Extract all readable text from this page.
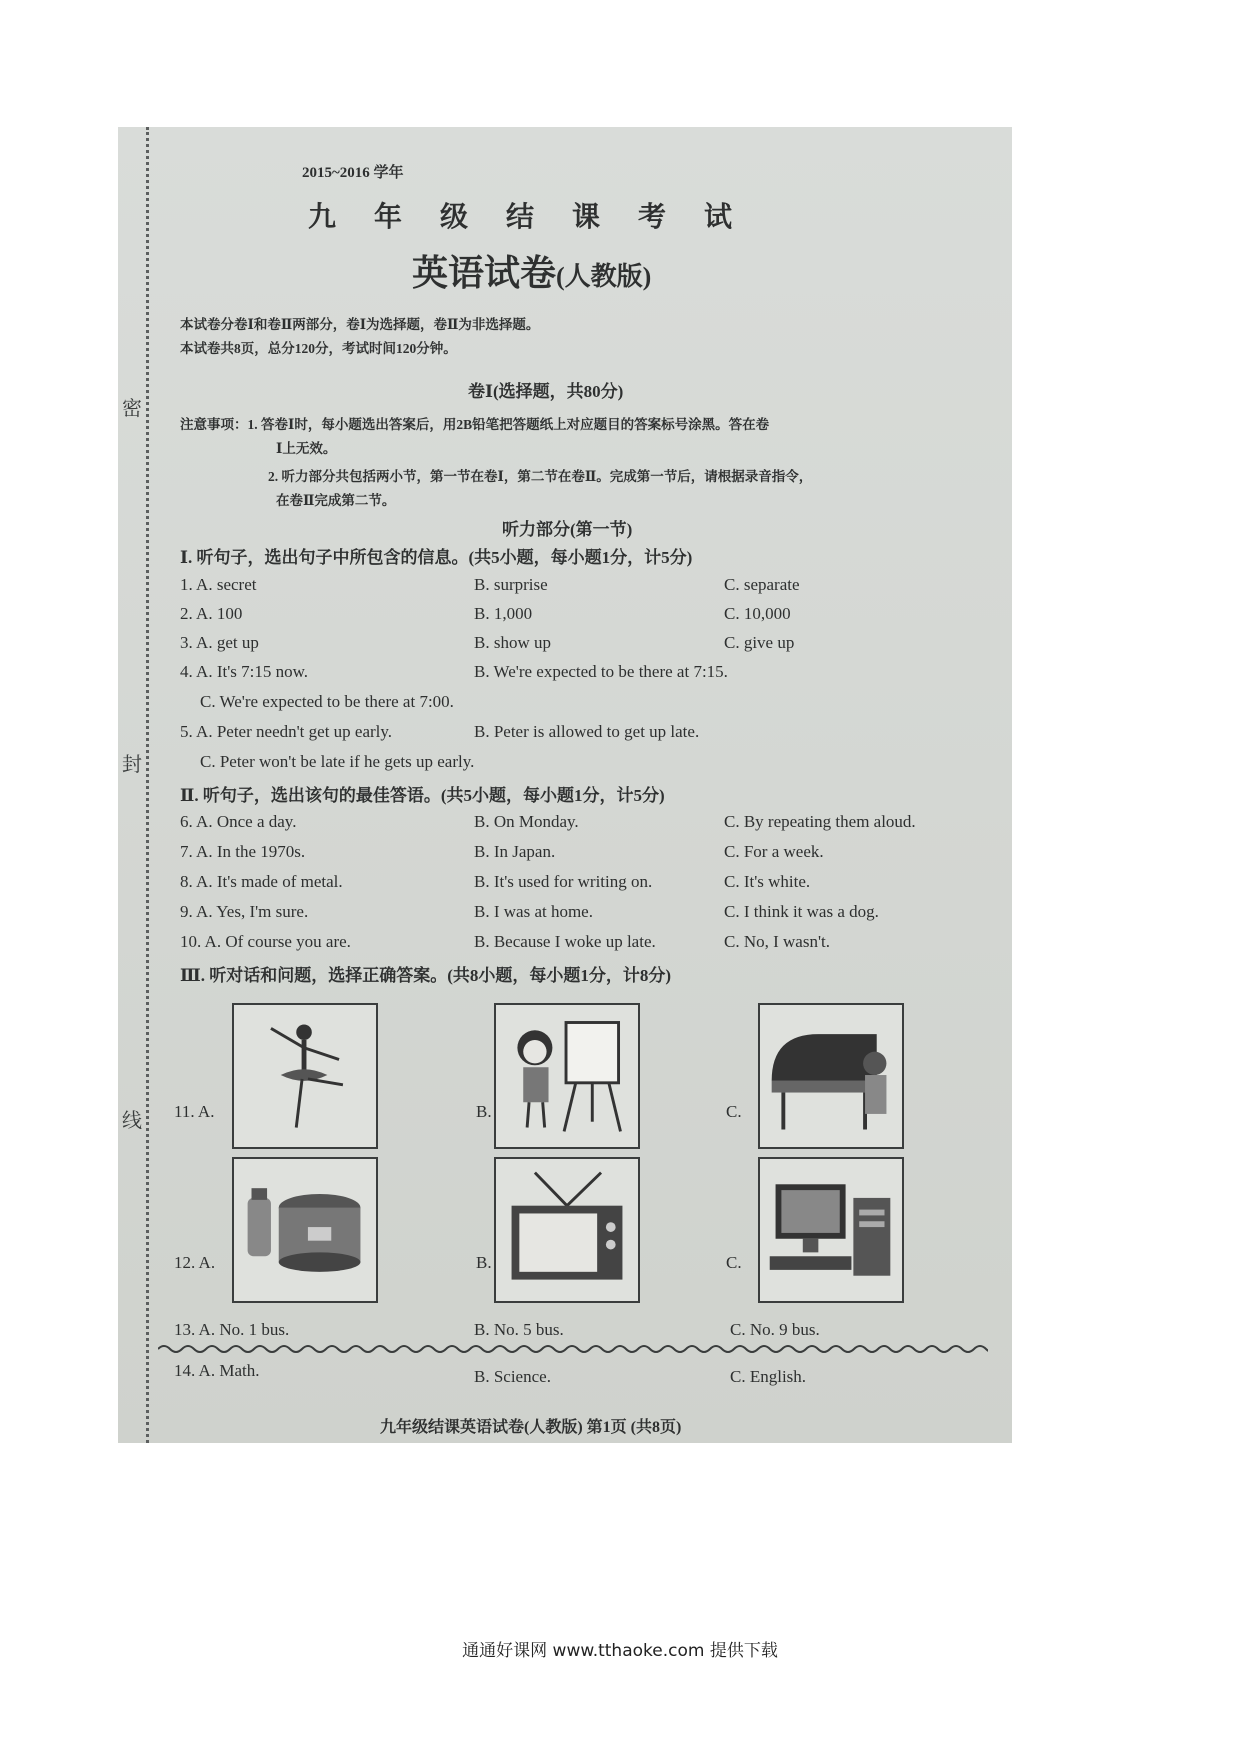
2015~2016 学年
九年级结课考试
英语试卷(人教版)
本试卷分卷Ⅰ和卷Ⅱ两部分，卷Ⅰ为选择题，卷Ⅱ为非选择题。
本试卷共8页，总分120分，考试时间120分钟。
卷Ⅰ(选择题，共80分)
注意事项：1. 答卷Ⅰ时，每小题选出答案后，用2B铅笔把答题纸上对应题目的答案标号涂黑。答在卷
Ⅰ上无效。
2. 听力部分共包括两小节，第一节在卷Ⅰ，第二节在卷Ⅱ。完成第一节后，请根据录音指令，
在卷Ⅱ完成第二节。
听力部分(第一节)
Ⅰ. 听句子，选出句子中所包含的信息。(共5小题，每小题1分，计5分)
1. A. secret	B. surprise	C. separate
2. A. 100	B. 1,000	C. 10,000
3. A. get up	B. show up	C. give up
4. A. It's 7:15 now.	B. We're expected to be there at 7:15.
C. We're expected to be there at 7:00.
5. A. Peter needn't get up early.	B. Peter is allowed to get up late.
C. Peter won't be late if he gets up early.
Ⅱ. 听句子，选出该句的最佳答语。(共5小题，每小题1分，计5分)
6. A. Once a day.	B. On Monday.	C. By repeating them aloud.
7. A. In the 1970s.	B. In Japan.	C. For a week.
8. A. It's made of metal.	B. It's used for writing on.	C. It's white.
9. A. Yes, I'm sure.	B. I was at home.	C. I think it was a dog.
10. A. Of course you are.	B. Because I woke up late.	C. No, I wasn't.
Ⅲ. 听对话和问题，选择正确答案。(共8小题，每小题1分，计8分)
11. A.	B.	C.
12. A.	B.	C.
13. A. No. 1 bus.	B. No. 5 bus.	C. No. 9 bus.
14. A. Math.	B. Science.	C. English.
九年级结课英语试卷(人教版) 第1页 (共8页)
密
封
线
通通好课网 www.tthaoke.com 提供下载
